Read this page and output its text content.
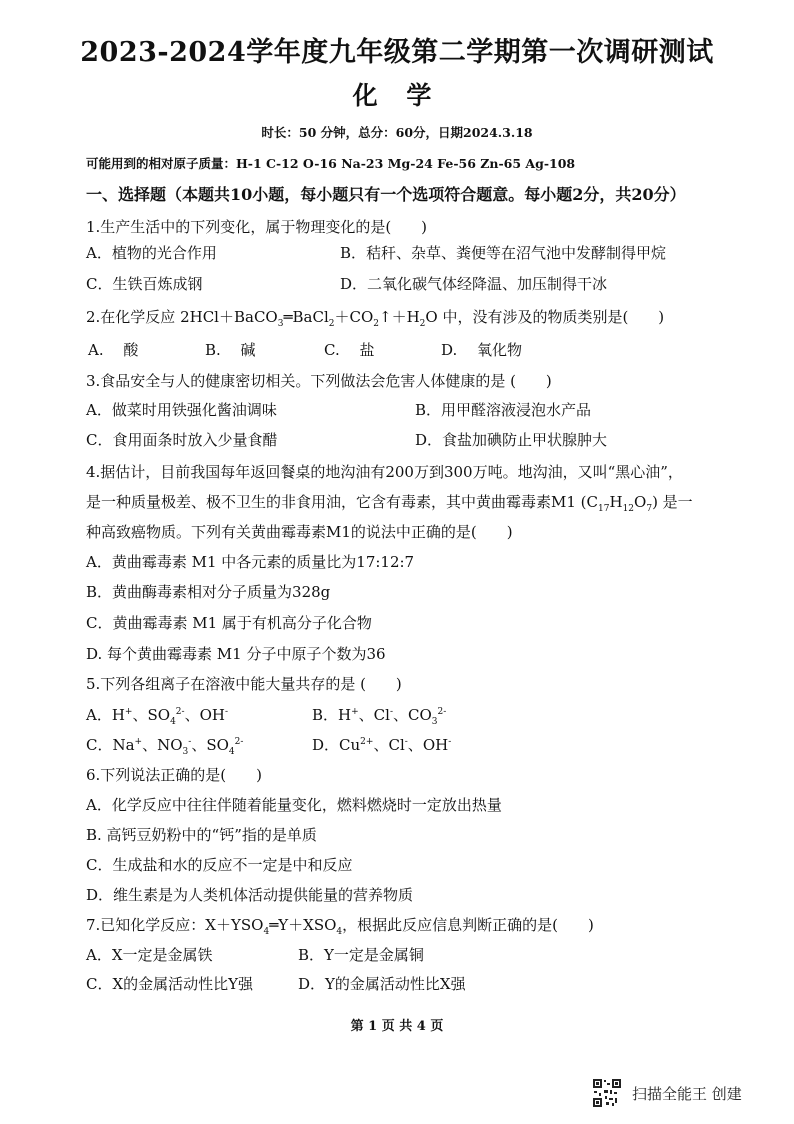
2023-2024学年度九年级第二学期第一次调研测试
化 学
时长：50 分钟，总分：60分，日期2024.3.18
可能用到的相对原子质量：H-1 C-12 O-16 Na-23 Mg-24 Fe-56 Zn-65 Ag-108
一、选择题（本题共10小题，每小题只有一个选项符合题意。每小题2分，共20分）
1.生产生活中的下列变化，属于物理变化的是(　　)
A．植物的光合作用	B．秸秆、杂草、粪便等在沼气池中发酵制得甲烷
C．生铁百炼成钢	D．二氧化碳气体经降温、加压制得干冰
2.在化学反应 $2HCl+BaCO_3═BaCl_2+CO_2↑+H_2O$ 中，没有涉及的物质类别是(　　)
A.　 酸	B.　 碱	C.　 盐	D.　 氧化物
3.食品安全与人的健康密切相关。下列做法会危害人体健康的是 (　　)
A．做菜时用铁强化酱油调味	B．用甲醛溶液浸泡水产品
C．食用面条时放入少量食醋	D．食盐加碘防止甲状腺肿大
4.据估计，目前我国每年返回餐桌的地沟油有200万到300万吨。地沟油，又叫“黑心油”，
是一种质量极差、极不卫生的非食用油，它含有毒素，其中黄曲霉毒素M1 $(C_{17}H_{12}O_7)$ 是一
种高致癌物质。下列有关黄曲霉毒素M1的说法中正确的是(　　)
A．黄曲霉毒素 M1 中各元素的质量比为17:12:7
B．黄曲酶毒素相对分子质量为328g
C．黄曲霉毒素 M1 属于有机高分子化合物
D. 每个黄曲霉毒素 M1 分子中原子个数为36
5.下列各组离子在溶液中能大量共存的是 (　　)
A．H+、$SO_4^{2-}$、OH-	B．H+、Cl-、$CO_3^{2-}$
C．Na+、$NO_3^-$、$SO_4^{2-}$	D．$Cu^{2+}$、Cl-、OH-
6.下列说法正确的是(　　)
A．化学反应中往往伴随着能量变化，燃料燃烧时一定放出热量
B. 高钙豆奶粉中的“钙”指的是单质
C．生成盐和水的反应不一定是中和反应
D．维生素是为人类机体活动提供能量的营养物质
7.已知化学反应：$X+YSO_4═Y+XSO_4$，根据此反应信息判断正确的是(　　)
A．X一定是金属铁	B．Y一定是金属铜
C．X的金属活动性比Y强	D．Y的金属活动性比X强
第 1 页 共 4 页
扫描全能王 创建
